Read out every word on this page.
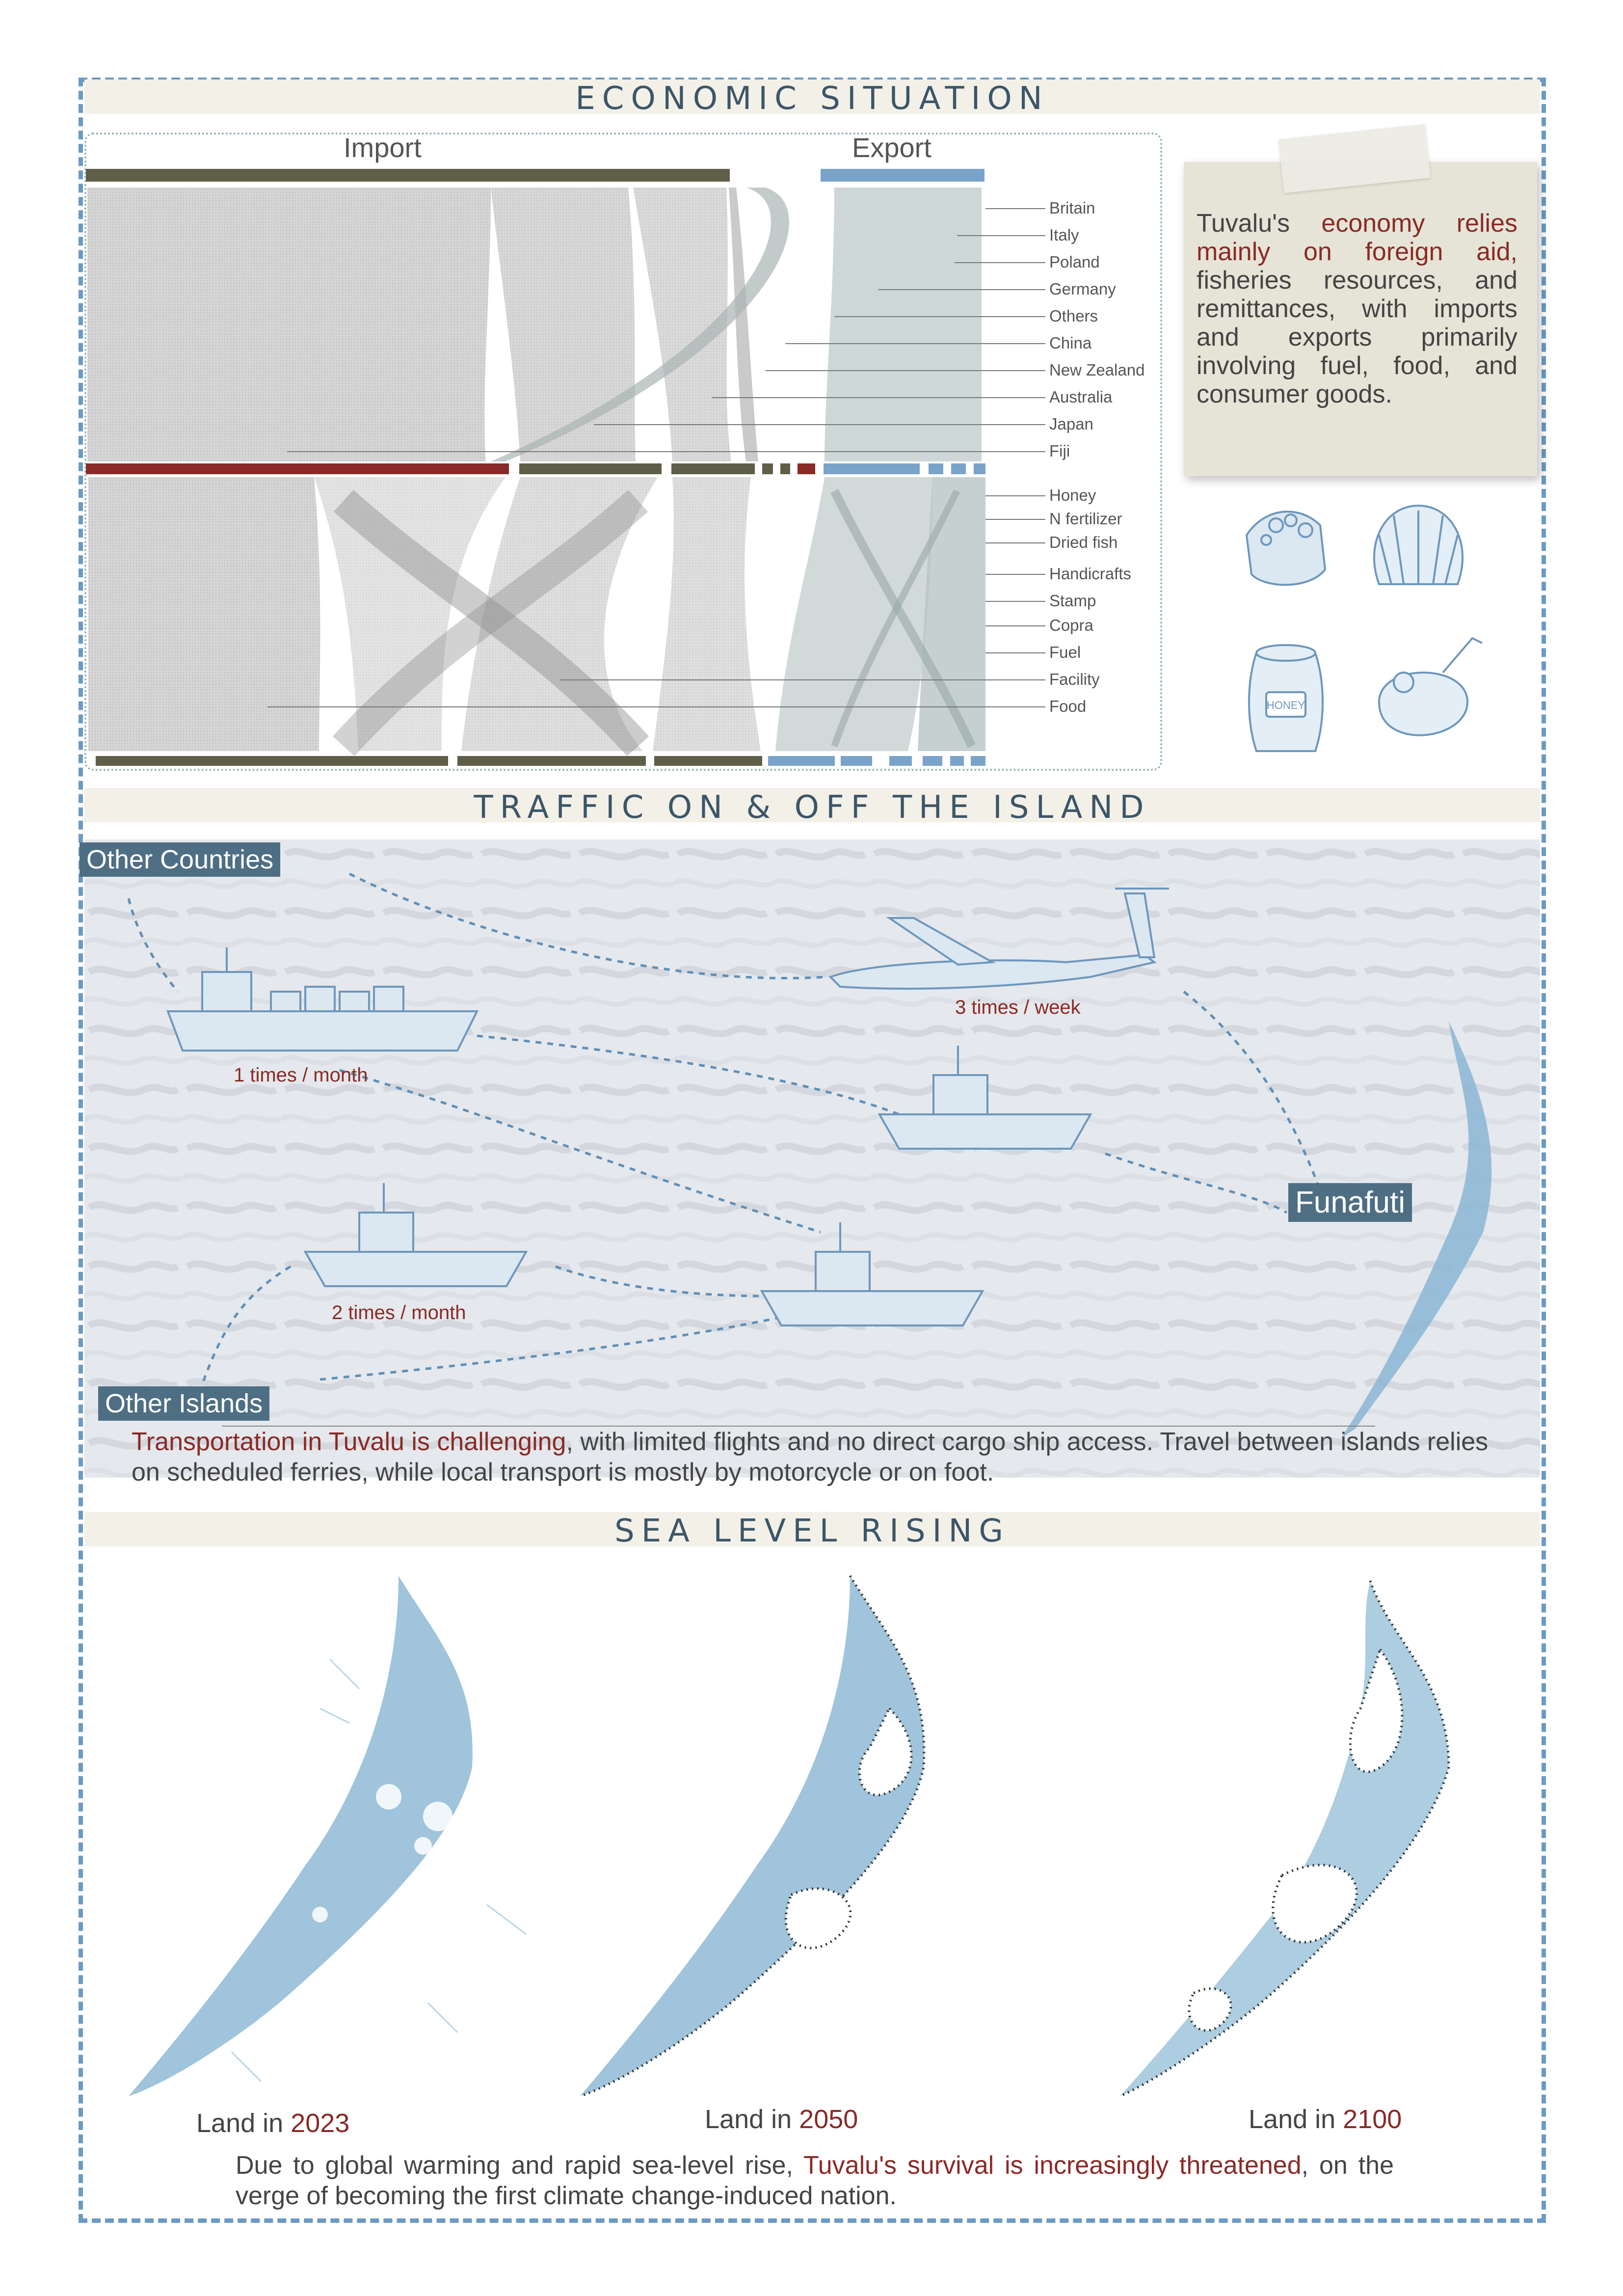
ECONOMIC SITUATION
Import	Export
Britain
Italy
Poland
Germany
Others
China
New Zealand
Australia
Japan
Fiji
Honey
N fertilizer
Dried fish
Handicrafts
Stamp
Copra
Fuel
Facility
Food
Tuvalu's economy relies mainly on foreign aid, fisheries resources, and remittances, with imports and exports primarily involving fuel, food, and consumer goods.
HONEY
TRAFFIC ON & OFF THE ISLAND
Other Countries
Other Islands
Funafuti
3 times / week
1 times / month
2 times / month
Transportation in Tuvalu is challenging, with limited flights and no direct cargo ship access. Travel between islands relies on scheduled ferries, while local transport is mostly by motorcycle or on foot.
SEA LEVEL RISING
Land in 2023	Land in 2050	Land in 2100
Due to global warming and rapid sea-level rise, Tuvalu's survival is increasingly threatened, on the verge of becoming the first climate change-induced nation.
